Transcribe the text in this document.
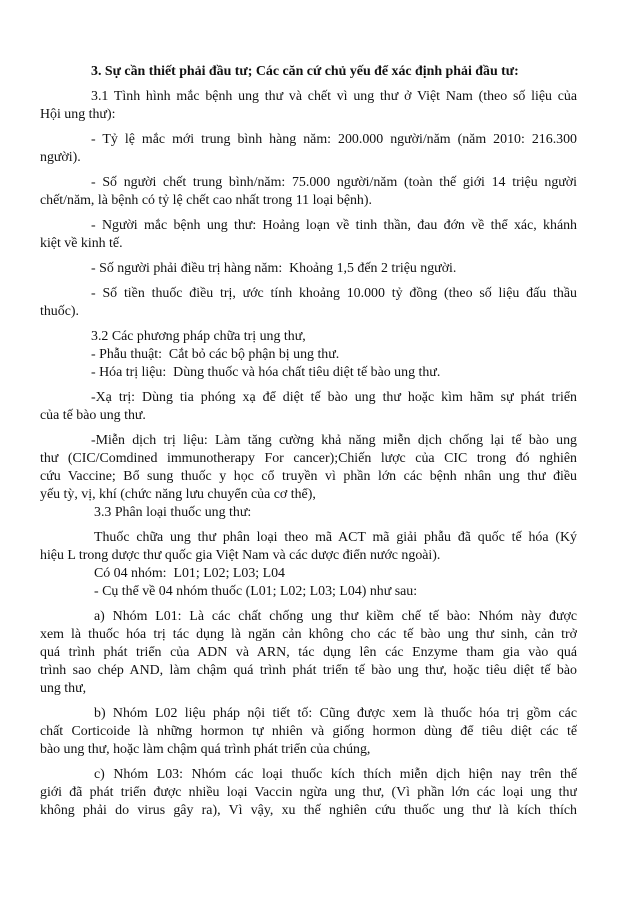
3. Sự cần thiết phải đầu tư; Các căn cứ chủ yếu để xác định phải đầu tư:
3.1 Tình hình mắc bệnh ung thư và chết vì ung thư ở Việt Nam (theo số liệu của
Hội ung thư):
- Tỷ lệ mắc mới trung bình hàng năm: 200.000 người/năm (năm 2010: 216.300
người).
- Số người chết trung bình/năm: 75.000 người/năm (toàn thế giới 14 triệu người
chết/năm, là bệnh có tỷ lệ chết cao nhất trong 11 loại bệnh).
- Người mắc bệnh ung thư: Hoảng loạn về tinh thần, đau đớn về thể xác, khánh
kiệt về kinh tế.
- Số người phải điều trị hàng năm:  Khoảng 1,5 đến 2 triệu người.
- Số tiền thuốc điều trị, ước tính khoảng 10.000 tỷ đồng (theo số liệu đấu thầu
thuốc).
3.2 Các phương pháp chữa trị ung thư,
- Phẫu thuật:  Cắt bỏ các bộ phận bị ung thư.
- Hóa trị liệu:  Dùng thuốc và hóa chất tiêu diệt tế bào ung thư.
-Xạ trị: Dùng tia phóng xạ để diệt tế bào ung thư hoặc kìm hãm sự phát triển
của tế bào ung thư.
-Miễn dịch trị liệu: Làm tăng cường khả năng miễn dịch chống lại tế bào ung
thư (CIC/Comdined immunotherapy For cancer);Chiến lược của CIC trong đó nghiên
cứu Vaccine; Bổ sung thuốc y học cổ truyền vì phần lớn các bệnh nhân ung thư điều
yếu tỳ, vị, khí (chức năng lưu chuyển của cơ thể),
3.3 Phân loại thuốc ung thư:
Thuốc chữa ung thư phân loại theo mã ACT mã giải phẫu đã quốc tế hóa (Ký
hiệu L trong dược thư quốc gia Việt Nam và các dược điển nước ngoài).
Có 04 nhóm:  L01; L02; L03; L04
- Cụ thể về 04 nhóm thuốc (L01; L02; L03; L04) như sau:
a) Nhóm L01: Là các chất chống ung thư kiềm chế tế bào: Nhóm này được
xem là thuốc hóa trị tác dụng là ngăn cản không cho các tế bào ung thư sinh, cản trở
quá trình phát triển của ADN và ARN, tác dụng lên các Enzyme tham gia vào quá
trình sao chép AND, làm chậm quá trình phát triển tế bào ung thư, hoặc tiêu diệt tế bào
ung thư,
b) Nhóm L02 liệu pháp nội tiết tố: Cũng được xem là thuốc hóa trị gồm các
chất Corticoide là những hormon tự nhiên và giống hormon dùng để tiêu diệt các tế
bào ung thư, hoặc làm chậm quá trình phát triển của chúng,
c) Nhóm L03: Nhóm các loại thuốc kích thích miễn dịch hiện nay trên thế
giới đã phát triển được nhiều loại Vaccin ngừa ung thư, (Vì phần lớn các loại ung thư
không phải do virus gây ra), Vì vậy, xu thế nghiên cứu thuốc ung thư là kích thích
